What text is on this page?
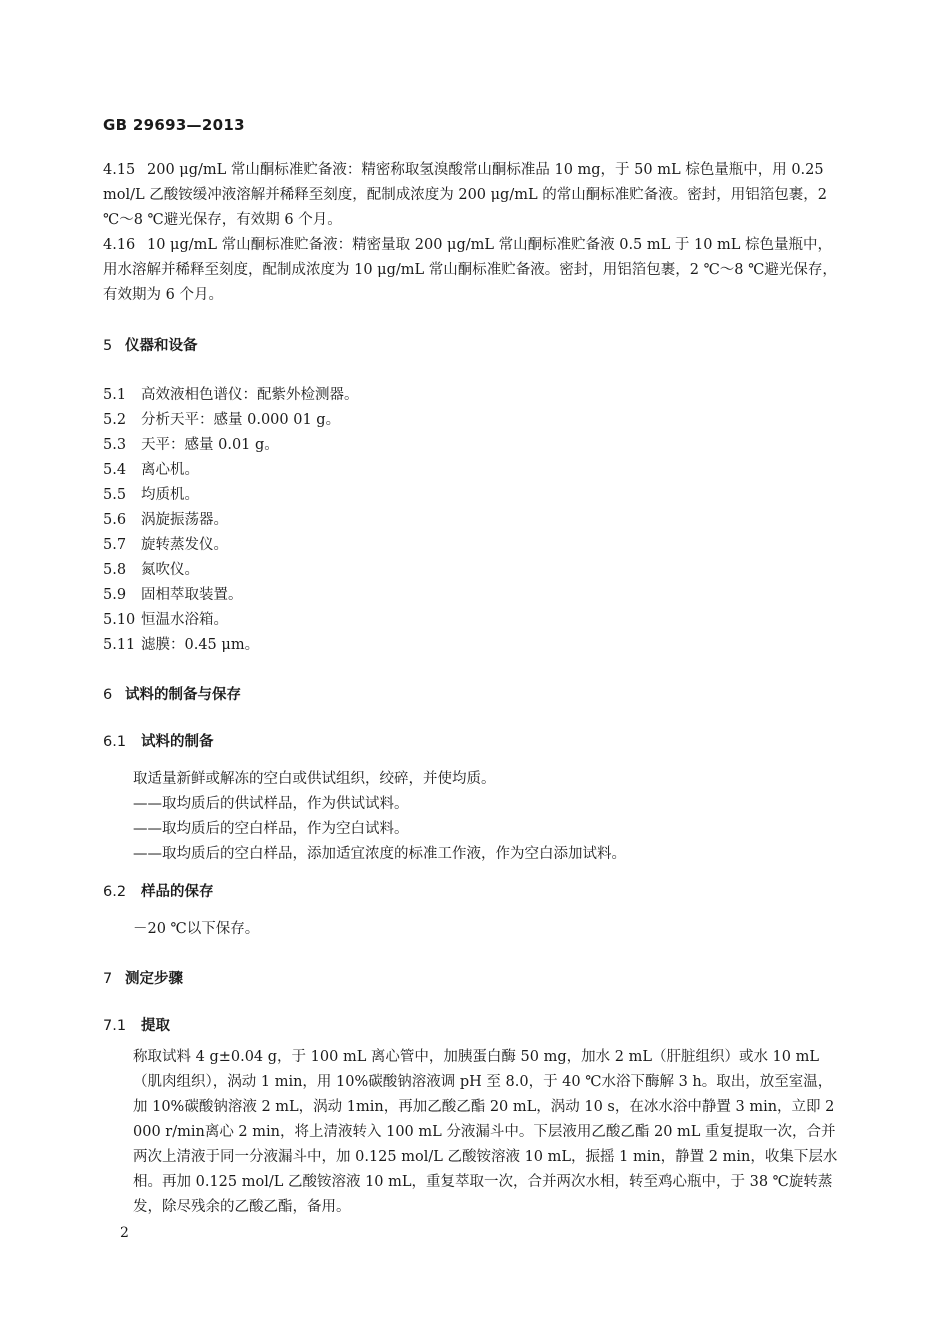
GB 29693—2013
4.15 200 μg/mL 常山酮标准贮备液：精密称取氢溴酸常山酮标准品 10 mg，于 50 mL 棕色量瓶中，用 0.25 mol/L 乙酸铵缓冲液溶解并稀释至刻度，配制成浓度为 200 μg/mL 的常山酮标准贮备液。密封，用铝箔包裹，2 ℃～8 ℃避光保存，有效期 6 个月。
4.16 10 μg/mL 常山酮标准贮备液：精密量取 200 μg/mL 常山酮标准贮备液 0.5 mL 于 10 mL 棕色量瓶中，用水溶解并稀释至刻度，配制成浓度为 10 μg/mL 常山酮标准贮备液。密封，用铝箔包裹，2 ℃～8 ℃避光保存，有效期为 6 个月。
5 仪器和设备
5.1 高效液相色谱仪：配紫外检测器。
5.2 分析天平：感量 0.000 01 g。
5.3 天平：感量 0.01 g。
5.4 离心机。
5.5 均质机。
5.6 涡旋振荡器。
5.7 旋转蒸发仪。
5.8 氮吹仪。
5.9 固相萃取装置。
5.10 恒温水浴箱。
5.11 滤膜：0.45 μm。
6 试料的制备与保存
6.1 试料的制备
取适量新鲜或解冻的空白或供试组织，绞碎，并使均质。
——取均质后的供试样品，作为供试试料。
——取均质后的空白样品，作为空白试料。
——取均质后的空白样品，添加适宜浓度的标准工作液，作为空白添加试料。
6.2 样品的保存
－20 ℃以下保存。
7 测定步骤
7.1 提取
称取试料 4 g±0.04 g，于 100 mL 离心管中，加胰蛋白酶 50 mg，加水 2 mL（肝脏组织）或水 10 mL（肌肉组织），涡动 1 min，用 10%碳酸钠溶液调 pH 至 8.0，于 40 ℃水浴下酶解 3 h。取出，放至室温，加 10%碳酸钠溶液 2 mL，涡动 1min，再加乙酸乙酯 20 mL，涡动 10 s，在冰水浴中静置 3 min，立即 2 000 r/min离心 2 min，将上清液转入 100 mL 分液漏斗中。下层液用乙酸乙酯 20 mL 重复提取一次，合并两次上清液于同一分液漏斗中，加 0.125 mol/L 乙酸铵溶液 10 mL，振摇 1 min，静置 2 min，收集下层水相。再加 0.125 mol/L 乙酸铵溶液 10 mL，重复萃取一次，合并两次水相，转至鸡心瓶中，于 38 ℃旋转蒸发，除尽残余的乙酸乙酯，备用。
2
